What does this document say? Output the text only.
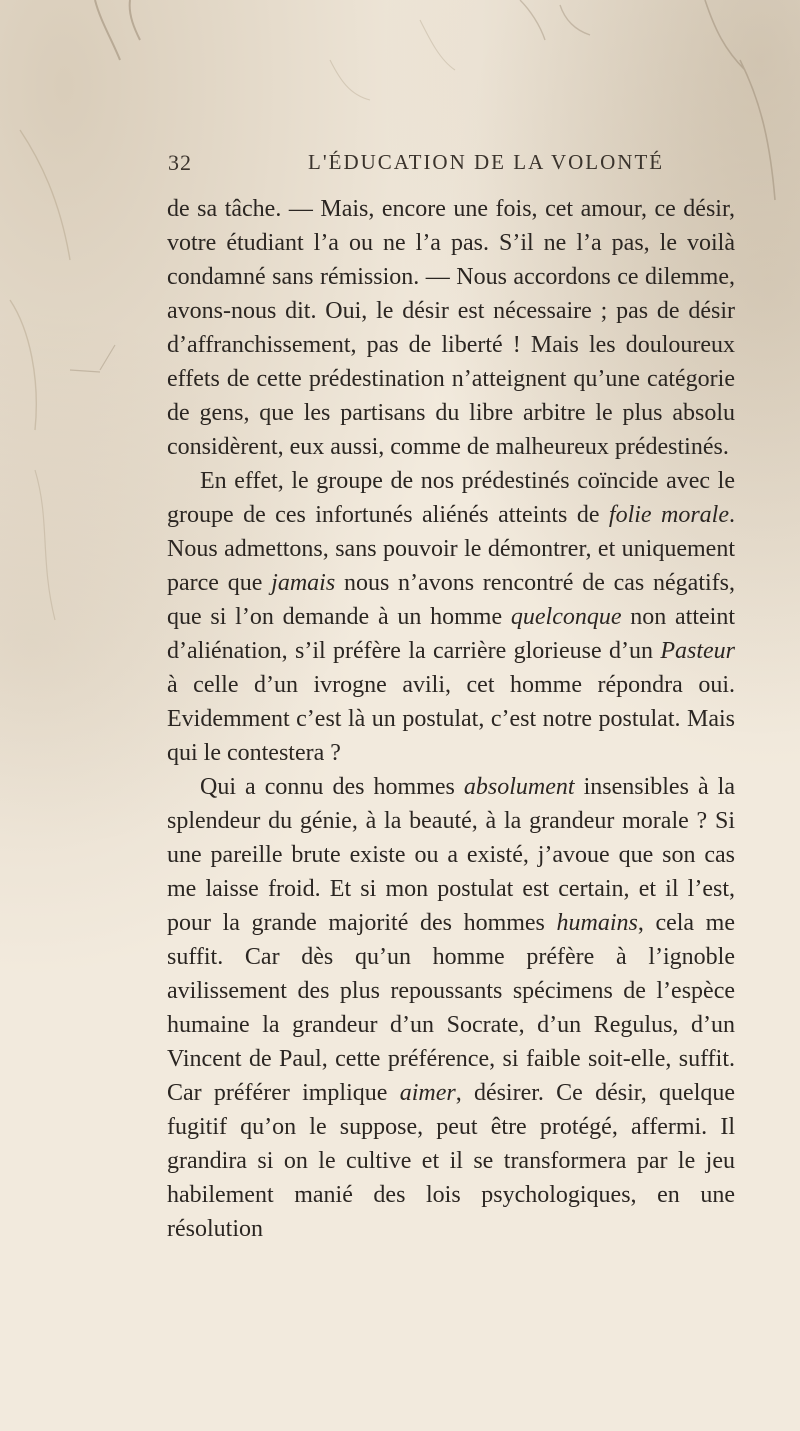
32	L'ÉDUCATION DE LA VOLONTÉ

de sa tâche. — Mais, encore une fois, cet amour, ce désir, votre étudiant l’a ou ne l’a pas. S’il ne l’a pas, le voilà condamné sans rémission. — Nous accordons ce dilemme, avons-nous dit. Oui, le désir est nécessaire ; pas de désir d’affranchissement, pas de liberté ! Mais les douloureux effets de cette prédestination n’atteignent qu’une catégorie de gens, que les partisans du libre arbitre le plus absolu considèrent, eux aussi, comme de malheureux prédestinés.

En effet, le groupe de nos prédestinés coïncide avec le groupe de ces infortunés aliénés atteints de folie morale. Nous admettons, sans pouvoir le démontrer, et uniquement parce que jamais nous n’avons rencontré de cas négatifs, que si l’on demande à un homme quelconque non atteint d’aliénation, s’il préfère la carrière glorieuse d’un Pasteur à celle d’un ivrogne avili, cet homme répondra oui. Evidemment c’est là un postulat, c’est notre postulat. Mais qui le contestera ?

Qui a connu des hommes absolument insensibles à la splendeur du génie, à la beauté, à la grandeur morale ? Si une pareille brute existe ou a existé, j’avoue que son cas me laisse froid. Et si mon postulat est certain, et il l’est, pour la grande majorité des hommes humains, cela me suffit. Car dès qu’un homme préfère à l’ignoble avilissement des plus repoussants spécimens de l’espèce humaine la grandeur d’un Socrate, d’un Regulus, d’un Vincent de Paul, cette préférence, si faible soit-elle, suffit. Car préférer implique aimer, désirer. Ce désir, quelque fugitif qu’on le suppose, peut être protégé, affermi. Il grandira si on le cultive et il se transformera par le jeu habilement manié des lois psychologiques, en une résolution
